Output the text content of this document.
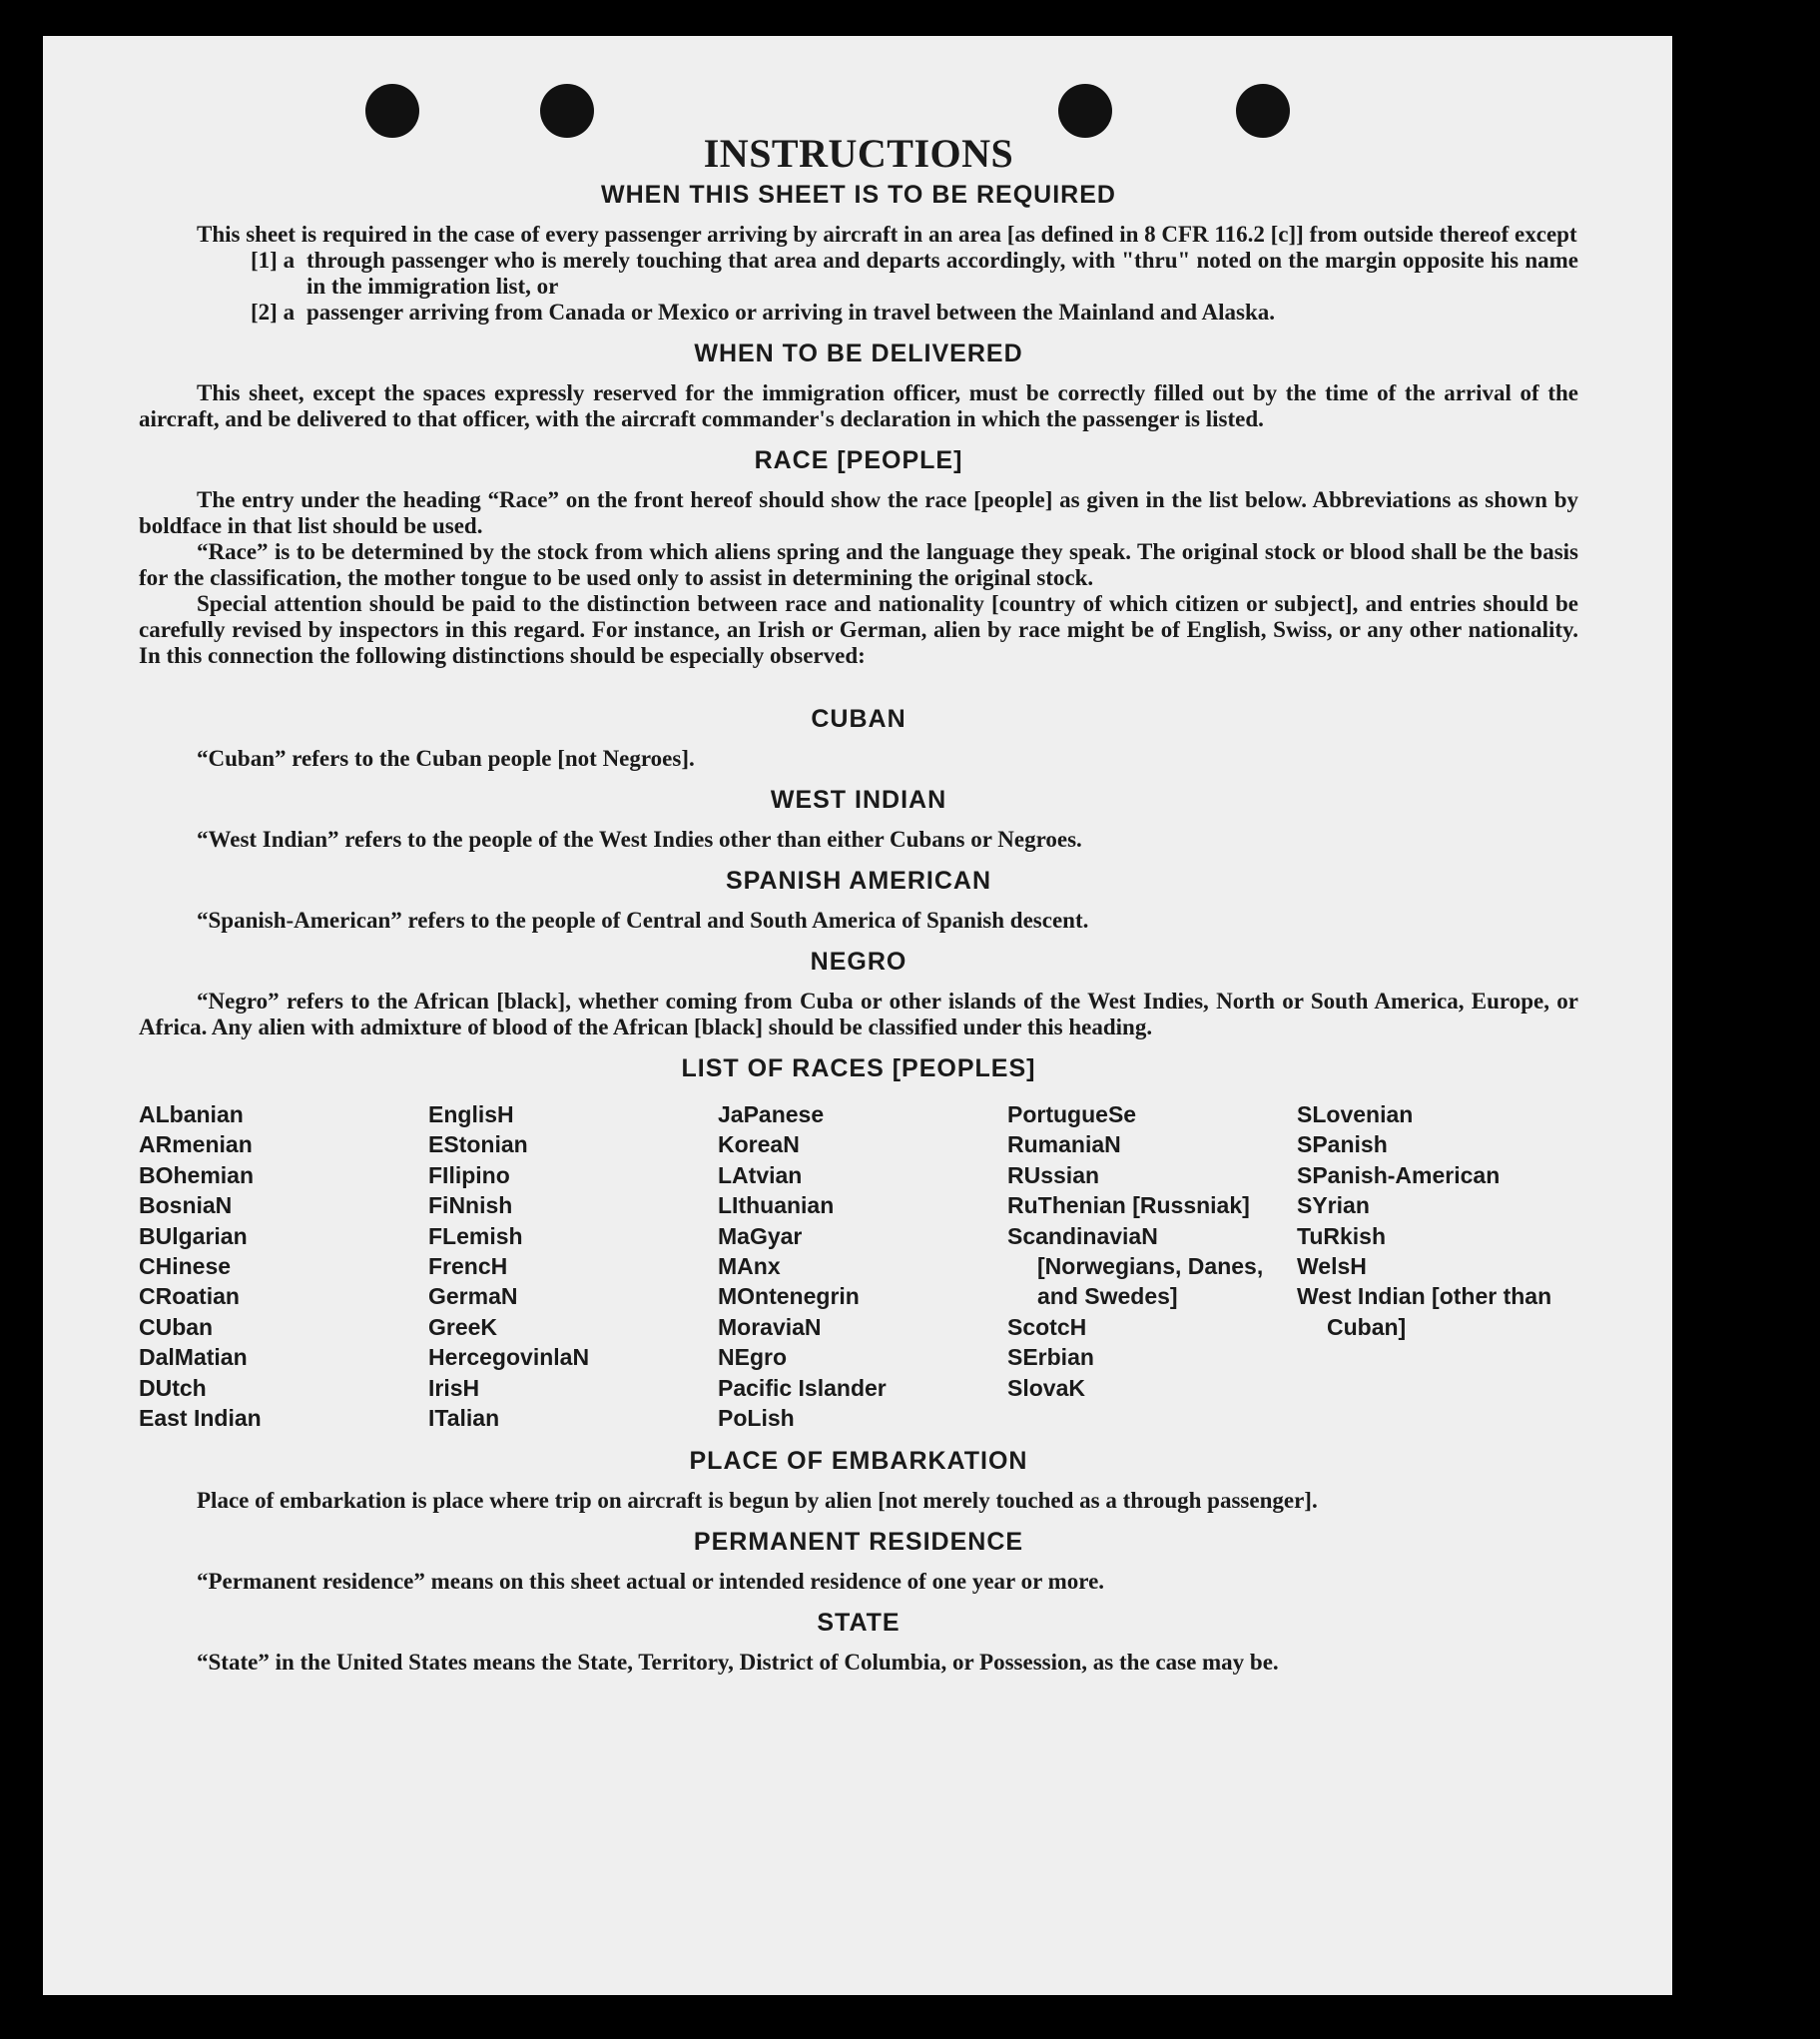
INSTRUCTIONS
WHEN THIS SHEET IS TO BE REQUIRED

This sheet is required in the case of every passenger arriving by aircraft in an area [as defined in 8 CFR 116.2 [c]] from outside thereof except

[1] a through passenger who is merely touching that area and departs accordingly, with "thru" noted on the margin opposite his name in the immigration list, or
[2] a passenger arriving from Canada or Mexico or arriving in travel between the Mainland and Alaska.
WHEN TO BE DELIVERED

This sheet, except the spaces expressly reserved for the immigration officer, must be correctly filled out by the time of the arrival of the aircraft, and be delivered to that officer, with the aircraft commander's declaration in which the passenger is listed.

RACE [PEOPLE]

The entry under the heading “Race” on the front hereof should show the race [people] as given in the list below. Abbreviations as shown by boldface in that list should be used.

“Race” is to be determined by the stock from which aliens spring and the language they speak. The original stock or blood shall be the basis for the classification, the mother tongue to be used only to assist in determining the original stock.

Special attention should be paid to the distinction between race and nationality [country of which citizen or subject], and entries should be carefully revised by inspectors in this regard. For instance, an Irish or German, alien by race might be of English, Swiss, or any other nationality. In this connection the following distinctions should be especially observed:

CUBAN

“Cuban” refers to the Cuban people [not Negroes].

WEST INDIAN

“West Indian” refers to the people of the West Indies other than either Cubans or Negroes.

SPANISH AMERICAN

“Spanish-American” refers to the people of Central and South America of Spanish descent.

NEGRO

“Negro” refers to the African [black], whether coming from Cuba or other islands of the West Indies, North or South America, Europe, or Africa. Any alien with admixture of blood of the African [black] should be classified under this heading.

LIST OF RACES [PEOPLES]
ALbanian
ARmenian
BOhemian
BosniaN
BUlgarian
CHinese
CRoatian
CUban
DalMatian
DUtch
East Indian
EnglisH
EStonian
FIlipino
FiNnish
FLemish
FrencH
GermaN
GreeK
HercegovinlaN
IrisH
ITalian
JaPanese
KoreaN
LAtvian
LIthuanian
MaGyar
MAnx
MOntenegrin
MoraviaN
NEgro
Pacific Islander
PoLish
PortugueSe
RumaniaN
RUssian
RuThenian [Russniak]
ScandinaviaN [Norwegians, Danes, and Swedes]
ScotcH
SErbian
SlovaK
SLovenian
SPanish
SPanish-American
SYrian
TuRkish
WelsH
West Indian [other than Cuban]
PLACE OF EMBARKATION

Place of embarkation is place where trip on aircraft is begun by alien [not merely touched as a through passenger].

PERMANENT RESIDENCE

“Permanent residence” means on this sheet actual or intended residence of one year or more.

STATE

“State” in the United States means the State, Territory, District of Columbia, or Possession, as the case may be.
